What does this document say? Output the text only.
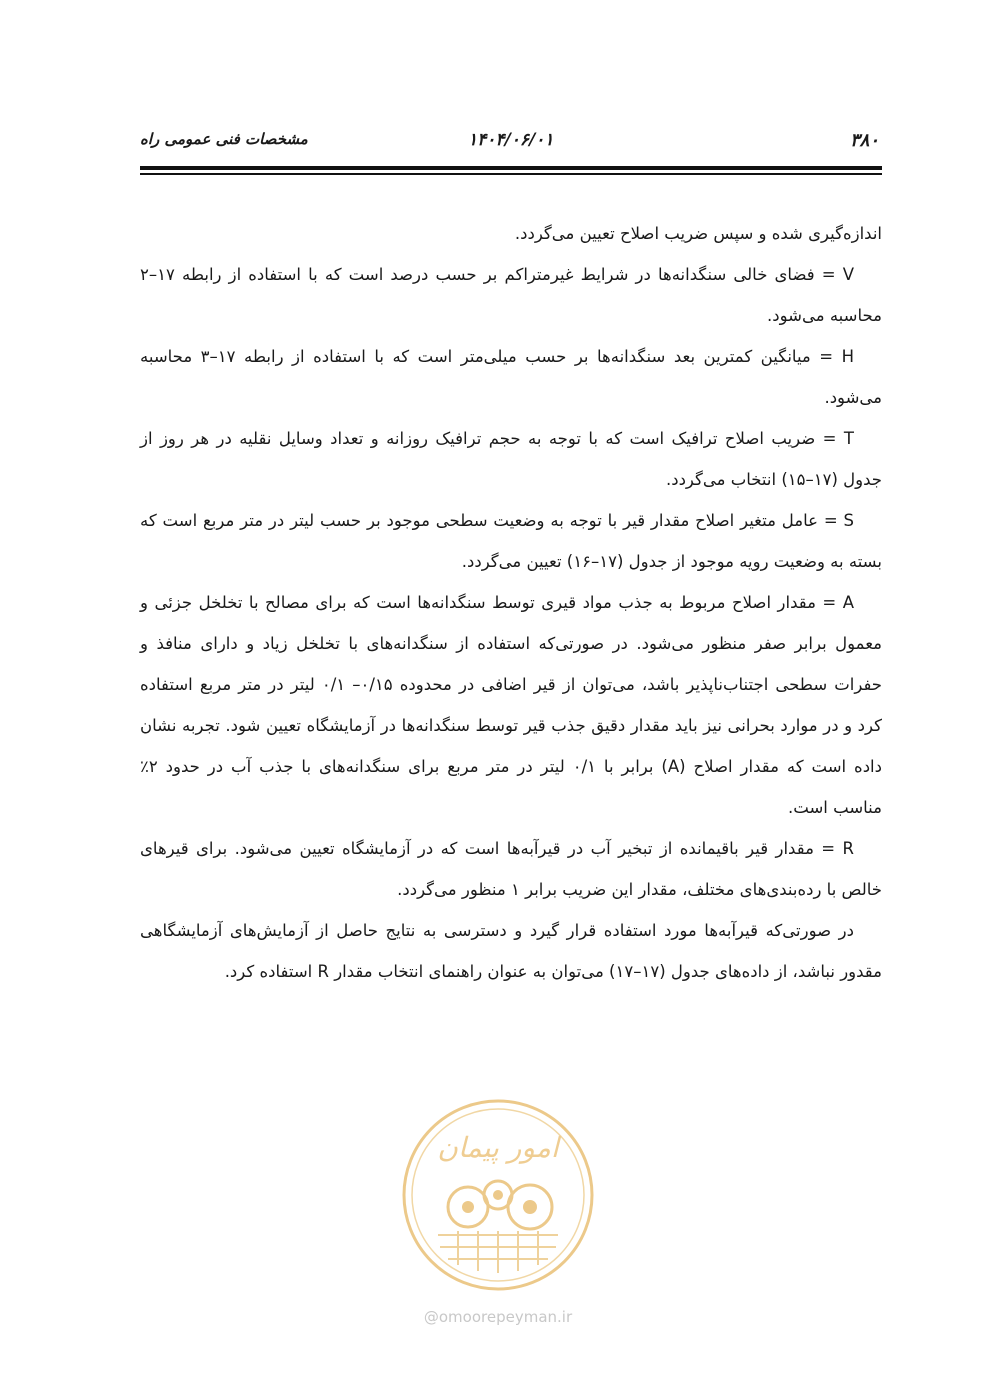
۳۸۰
۱۴۰۴/۰۶/۰۱
مشخصات فنی عمومی راه

اندازه‌گیری شده و سپس ضریب اصلاح تعیین می‌گردد.

V = فضای خالی سنگدانه‌ها در شرایط غیرمتراکم بر حسب درصد است که با استفاده از رابطه ۱۷–۲ محاسبه می‌شود.

H = میانگین کمترین بعد سنگدانه‌ها بر حسب میلی‌متر است که با استفاده از رابطه ۱۷–۳ محاسبه می‌شود.

T = ضریب اصلاح ترافیک است که با توجه به حجم ترافیک روزانه و تعداد وسایل نقلیه در هر روز از جدول (۱۷–۱۵) انتخاب می‌گردد.

S = عامل متغیر اصلاح مقدار قیر با توجه به وضعیت سطحی موجود بر حسب لیتر در متر مربع است که بسته به وضعیت رویه موجود از جدول (۱۷–۱۶) تعیین می‌گردد.

A = مقدار اصلاح مربوط به جذب مواد قیری توسط سنگدانه‌ها است که برای مصالح با تخلخل جزئی و معمول برابر صفر منظور می‌شود. در صورتی‌که استفاده از سنگدانه‌های با تخلخل زیاد و دارای منافذ و حفرات سطحی اجتناب‌ناپذیر باشد، می‌توان از قیر اضافی در محدوده ۰/۱۵– ۰/۱ لیتر در متر مربع استفاده کرد و در موارد بحرانی نیز باید مقدار دقیق جذب قیر توسط سنگدانه‌ها در آزمایشگاه تعیین شود. تجربه نشان داده است که مقدار اصلاح (A) برابر با ۰/۱ لیتر در متر مربع برای سنگدانه‌های با جذب آب در حدود ۲٪ مناسب است.

R = مقدار قیر باقیمانده از تبخیر آب در قیرآبه‌ها است که در آزمایشگاه تعیین می‌شود. برای قیرهای خالص با رده‌بندی‌های مختلف، مقدار این ضریب برابر ۱ منظور می‌گردد.

در صورتی‌که قیرآبه‌ها مورد استفاده قرار گیرد و دسترسی به نتایج حاصل از آزمایش‌های آزمایشگاهی مقدور نباشد، از داده‌های جدول (۱۷–۱۷) می‌توان به عنوان راهنمای انتخاب مقدار R استفاده کرد.

امور پیمان
@omoorepeyman.ir
